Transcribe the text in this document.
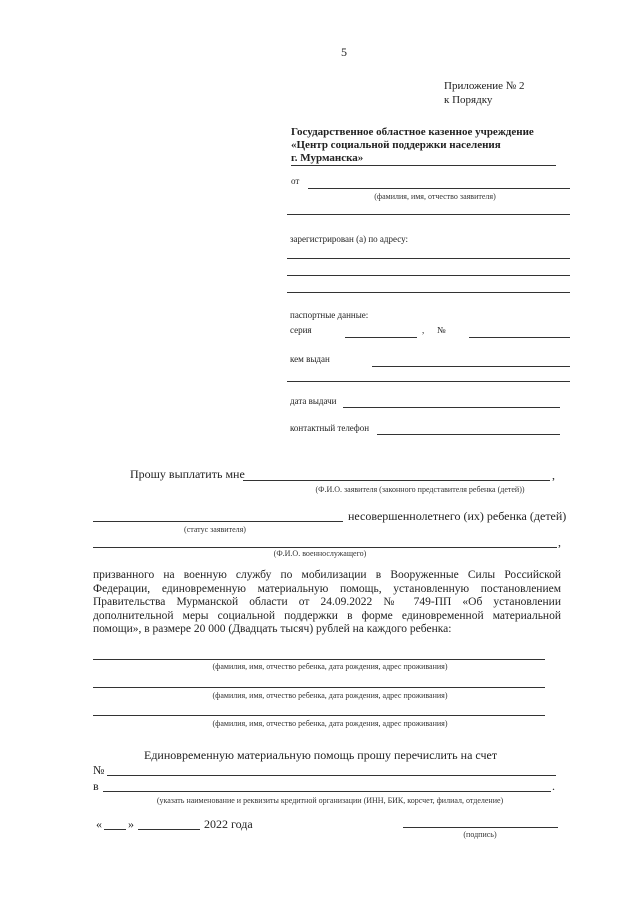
5
Приложение № 2
к Порядку
Государственное областное казенное учреждение
«Центр социальной поддержки населения
г. Мурманска»
от
(фамилия, имя, отчество заявителя)
зарегистрирован (а) по адресу:
паспортные данные:
серия	, №
кем выдан
дата выдачи
контактный телефон
Прошу выплатить мне	,
(Ф.И.О. заявителя (законного представителя ребенка (детей))
несовершеннолетнего (их) ребенка (детей)
(статус заявителя)
,
(Ф.И.О. военнослужащего)
призванного на военную службу по мобилизации в Вооруженные Силы Российской Федерации, единовременную материальную помощь, установленную постановлением Правительства Мурманской области от 24.09.2022 № 749-ПП «Об установлении дополнительной меры социальной поддержки в форме единовременной материальной помощи», в размере 20 000 (Двадцать тысяч) рублей на каждого ребенка:
(фамилия, имя, отчество ребенка, дата рождения, адрес проживания)
(фамилия, имя, отчество ребенка, дата рождения, адрес проживания)
(фамилия, имя, отчество ребенка, дата рождения, адрес проживания)
Единовременную материальную помощь прошу перечислить на счет
№
в	.
(указать наименование и реквизиты кредитной организации (ИНН, БИК, корсчет, филиал, отделение)
« »	2022 года
(подпись)
